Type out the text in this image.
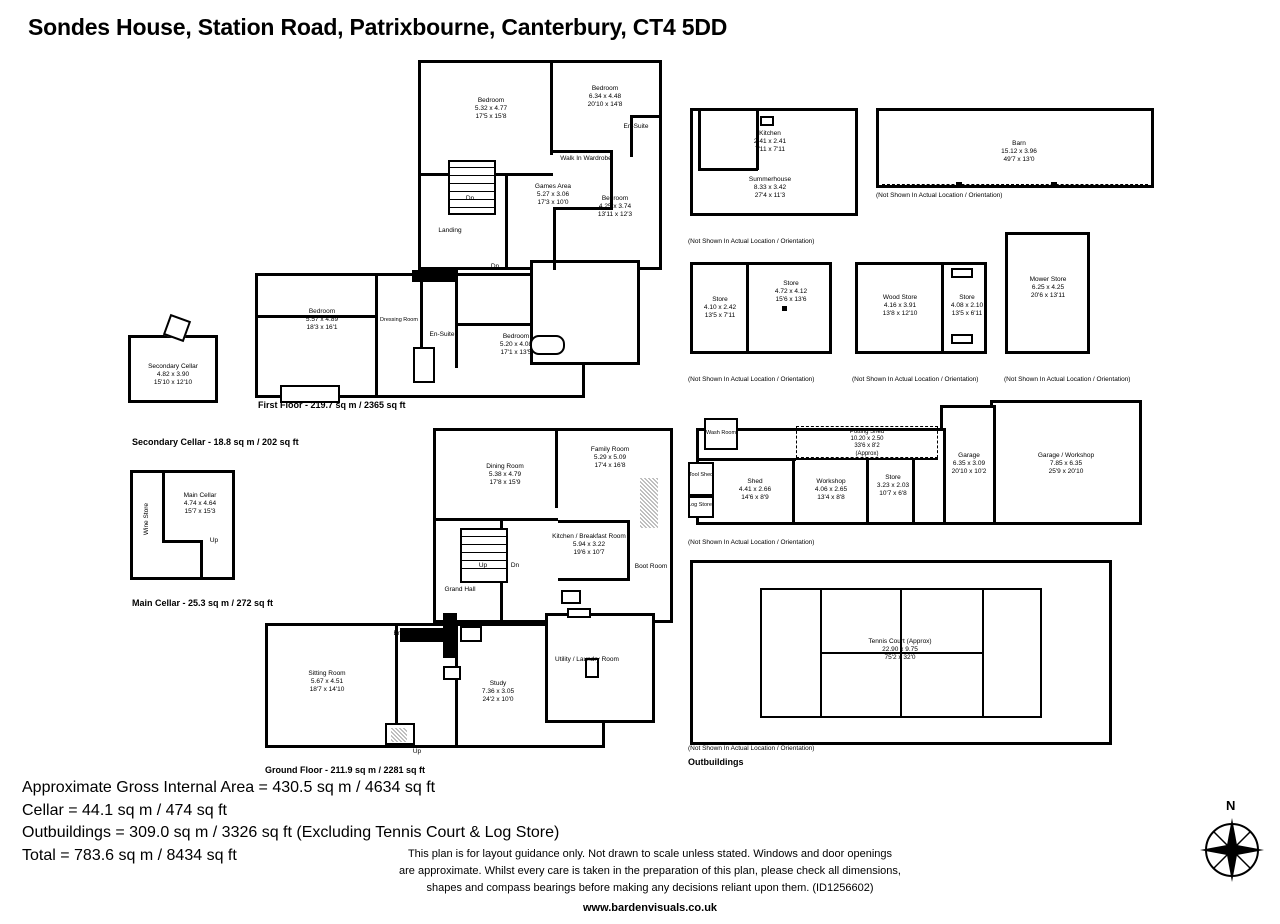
Sondes House, Station Road, Patrixbourne, Canterbury, CT4 5DD
Bedroom
5.32 x 4.77
17'5 x 15'8
Bedroom
6.34 x 4.48
20'10 x 14'8
En-Suite
Walk In Wardrobe
Games Area
5.27 x 3.06
17'3 x 10'0
Bedroom
4.25 x 3.74
13'11 x 12'3
Landing
Bedroom
5.57 x 4.89
18'3 x 16'1
Dressing Room
En-Suite	Bedroom
5.20 x 4.08
17'1 x 13'5
Dn
Dn
Dn
First Floor - 219.7 sq m / 2365 sq ft
Secondary Cellar
4.82 x 3.90
15'10 x 12'10
Secondary Cellar - 18.8 sq m / 202 sq ft
Main Cellar
4.74 x 4.64
15'7 x 15'3
Wine Store
Up
Main Cellar - 25.3 sq m / 272 sq ft
Dining Room
5.38 x 4.79
17'8 x 15'9
Family Room
5.29 x 5.09
17'4 x 16'8
Kitchen / Breakfast Room
5.94 x 3.22
19'6 x 10'7
Boot Room
Grand Hall
Entrance Hall
Sitting Room
5.67 x 4.51
18'7 x 14'10
Study
7.36 x 3.05
24'2 x 10'0
Utility / Laundry Room
Up	Dn
Up
Ground Floor - 211.9 sq m / 2281 sq ft
Kitchen
2.41 x 2.41
7'11 x 7'11
Summerhouse
8.33 x 3.42
27'4 x 11'3
(Not Shown In Actual Location / Orientation)
Barn
15.12 x 3.96
49'7 x 13'0
(Not Shown In Actual Location / Orientation)
Store
4.10 x 2.42
13'5 x 7'11
Store
4.72 x 4.12
15'6 x 13'6
(Not Shown In Actual Location / Orientation)
Wood Store
4.16 x 3.91
13'8 x 12'10
Store
4.08 x 2.10
13'5 x 6'11
(Not Shown In Actual Location / Orientation)
Mower Store
6.25 x 4.25
20'6 x 13'11
(Not Shown In Actual Location / Orientation)
Potting Shed
10.20 x 2.50
33'6 x 8'2
(Approx)	Garage
6.35 x 3.09
20'10 x 10'2
Garage / Workshop
7.85 x 6.35
25'9 x 20'10
Tool Shed
Log Store
Wash Room
Shed
4.41 x 2.66
14'6 x 8'9
Workshop
4.06 x 2.65
13'4 x 8'8
Store
3.23 x 2.03
10'7 x 6'8
(Not Shown In Actual Location / Orientation)
Tennis Court (Approx)
22.90 x 9.75
75'2 x 32'0
(Not Shown In Actual Location / Orientation)
Outbuildings
Approximate Gross Internal Area = 430.5 sq m / 4634 sq ft
Cellar = 44.1 sq m / 474 sq ft
Outbuildings = 309.0 sq m / 3326 sq ft (Excluding Tennis Court & Log Store)
Total = 783.6 sq m / 8434 sq ft	This plan is for layout guidance only. Not drawn to scale unless stated. Windows and door openings
are approximate. Whilst every care is taken in the preparation of this plan, please check all dimensions,
shapes and compass bearings before making any decisions reliant upon them. (ID1256602)
www.bardenvisuals.co.uk
N
